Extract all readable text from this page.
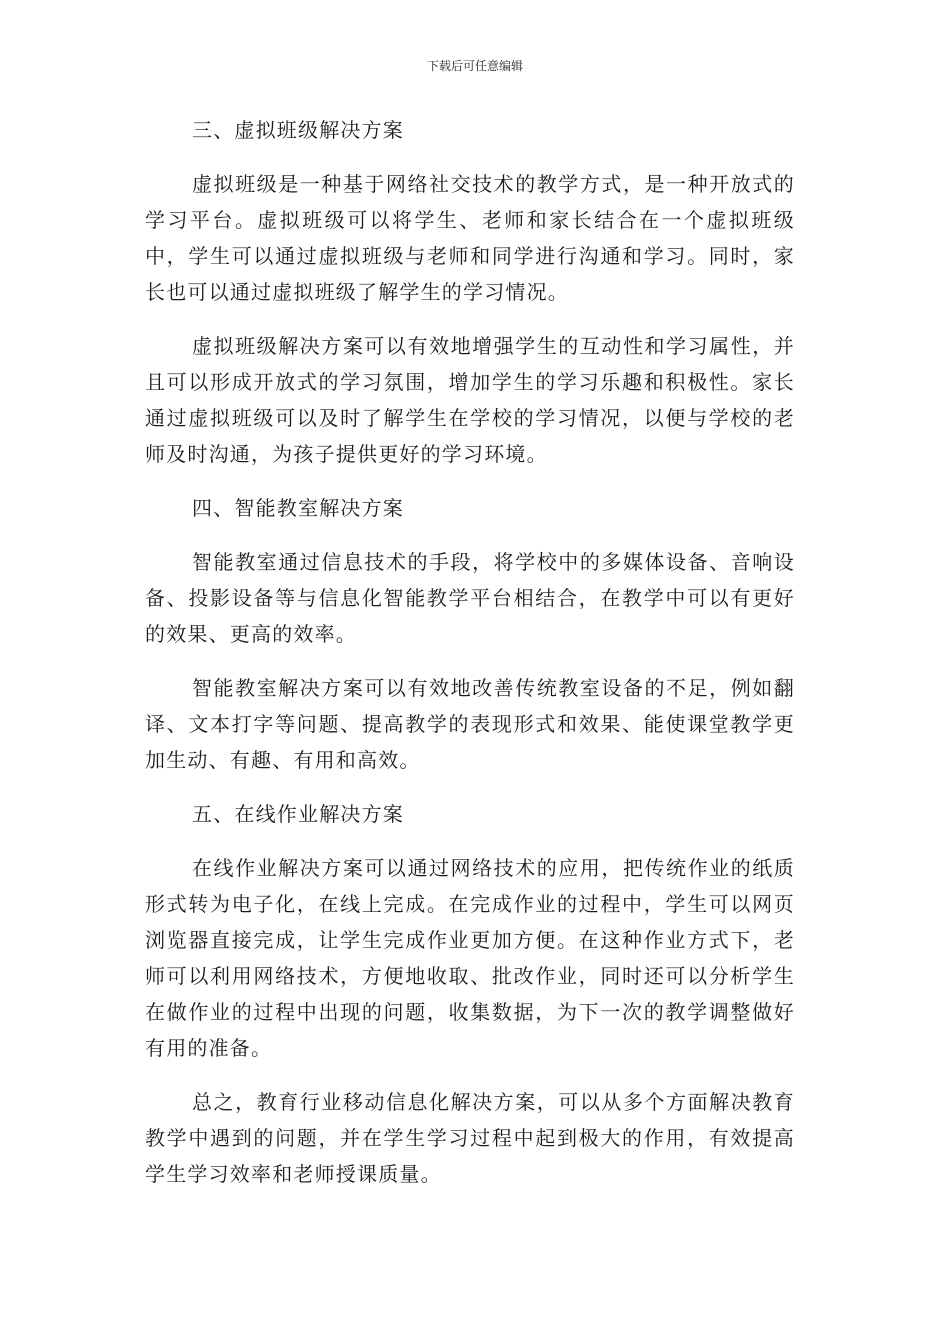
下载后可任意编辑

三、虚拟班级解决方案

虚拟班级是一种基于网络社交技术的教学方式，是一种开放式的学习平台。虚拟班级可以将学生、老师和家长结合在一个虚拟班级中，学生可以通过虚拟班级与老师和同学进行沟通和学习。同时，家长也可以通过虚拟班级了解学生的学习情况。

虚拟班级解决方案可以有效地增强学生的互动性和学习属性，并且可以形成开放式的学习氛围，增加学生的学习乐趣和积极性。家长通过虚拟班级可以及时了解学生在学校的学习情况，以便与学校的老师及时沟通，为孩子提供更好的学习环境。

四、智能教室解决方案

智能教室通过信息技术的手段，将学校中的多媒体设备、音响设备、投影设备等与信息化智能教学平台相结合，在教学中可以有更好的效果、更高的效率。

智能教室解决方案可以有效地改善传统教室设备的不足，例如翻译、文本打字等问题、提高教学的表现形式和效果、能使课堂教学更加生动、有趣、有用和高效。

五、在线作业解决方案

在线作业解决方案可以通过网络技术的应用，把传统作业的纸质形式转为电子化，在线上完成。在完成作业的过程中，学生可以网页浏览器直接完成，让学生完成作业更加方便。在这种作业方式下，老师可以利用网络技术，方便地收取、批改作业，同时还可以分析学生在做作业的过程中出现的问题，收集数据，为下一次的教学调整做好有用的准备。

总之，教育行业移动信息化解决方案，可以从多个方面解决教育教学中遇到的问题，并在学生学习过程中起到极大的作用，有效提高学生学习效率和老师授课质量。
